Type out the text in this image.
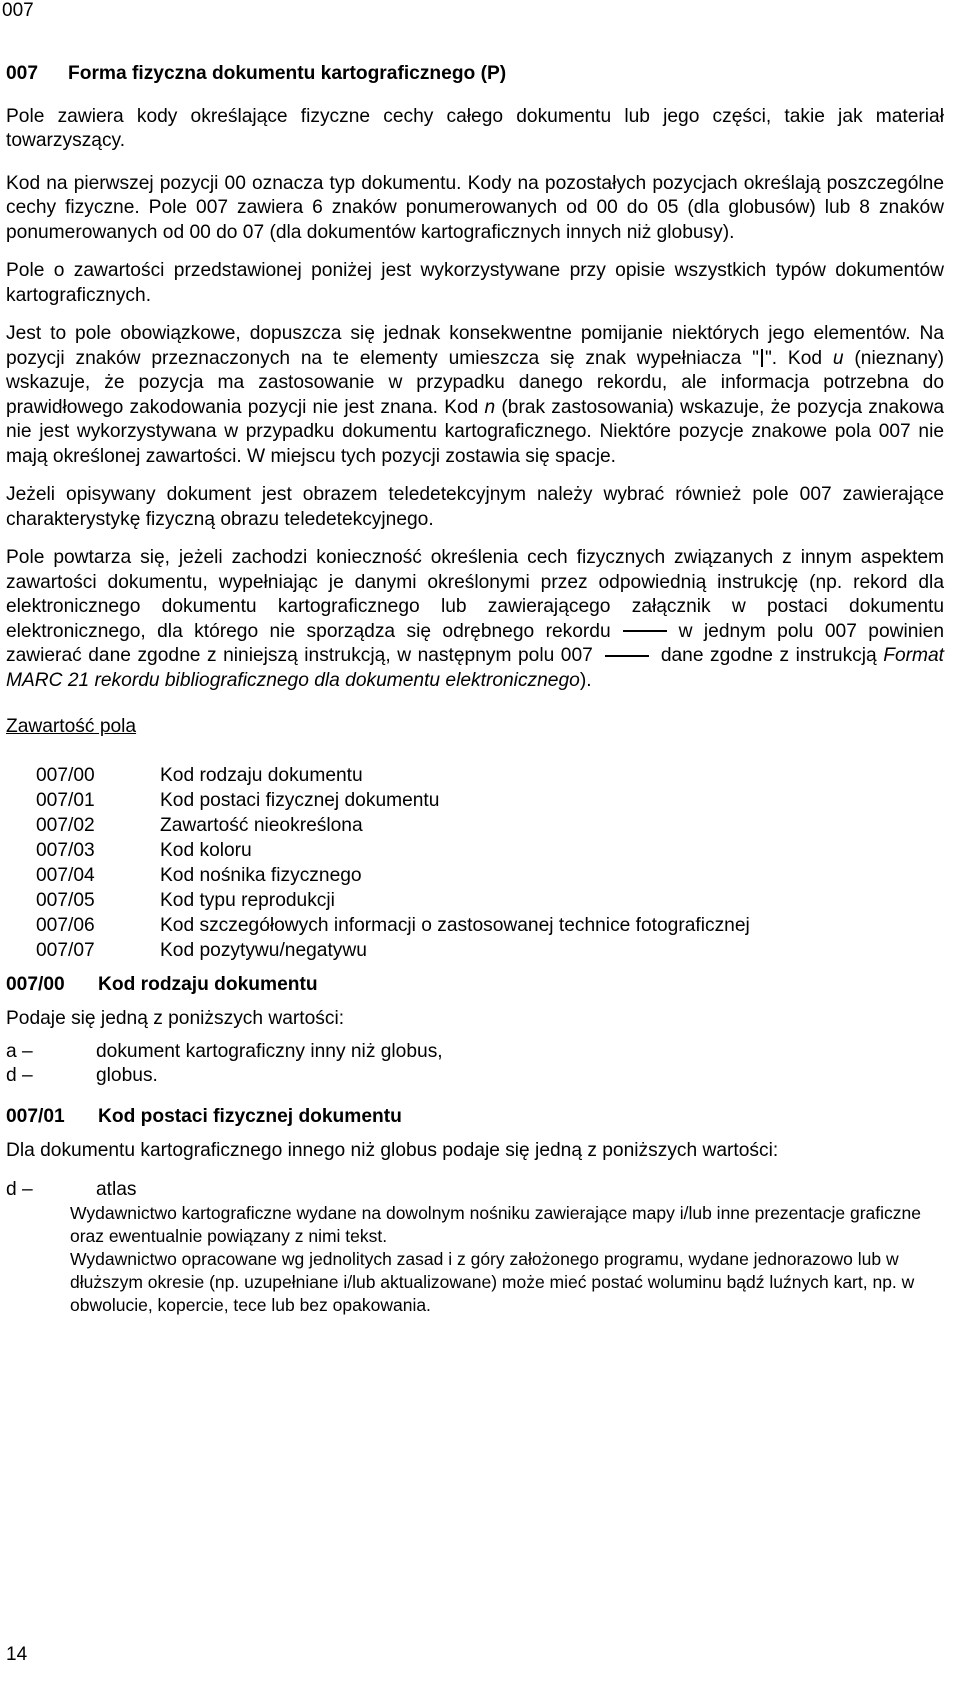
007
007 Forma fizyczna dokumentu kartograficznego (P)

Pole zawiera kody określające fizyczne cechy całego dokumentu lub jego części, takie jak materiał towarzyszący.

Kod na pierwszej pozycji 00 oznacza typ dokumentu. Kody na pozostałych pozycjach określają poszczególne cechy fizyczne. Pole 007 zawiera 6 znaków ponumerowanych od 00 do 05 (dla globusów) lub 8 znaków ponumerowanych od 00 do 07 (dla dokumentów kartograficznych innych niż globusy).

Pole o zawartości przedstawionej poniżej jest wykorzystywane przy opisie wszystkich typów dokumentów kartograficznych.

Jest to pole obowiązkowe, dopuszcza się jednak konsekwentne pomijanie niektórych jego elementów. Na pozycji znaków przeznaczonych na te elementy umieszcza się znak wypełniacza " ". Kod u (nieznany) wskazuje, że pozycja ma zastosowanie w przypadku danego rekordu, ale informacja potrzebna do prawidłowego zakodowania pozycji nie jest znana. Kod n (brak zastosowania) wskazuje, że pozycja znakowa nie jest wykorzystywana w przypadku dokumentu kartograficznego. Niektóre pozycje znakowe pola 007 nie mają określonej zawartości. W miejscu tych pozycji zostawia się spacje.

Jeżeli opisywany dokument jest obrazem teledetekcyjnym należy wybrać również pole 007 zawierające charakterystykę fizyczną obrazu teledetekcyjnego.

Pole powtarza się, jeżeli zachodzi konieczność określenia cech fizycznych związanych z innym aspektem zawartości dokumentu, wypełniając je danymi określonymi przez odpowiednią instrukcję (np. rekord dla elektronicznego dokumentu kartograficznego lub zawierającego załącznik w postaci dokumentu elektronicznego, dla którego nie sporządza się odrębnego rekordu	w jednym polu 007 powinien zawierać dane zgodne z niniejszą instrukcją, w następnym polu 007	dane zgodne z instrukcją Format MARC 21 rekordu bibliograficznego dla dokumentu elektronicznego).

Zawartość pola
007/00	Kod rodzaju dokumentu
007/01	Kod postaci fizycznej dokumentu
007/02	Zawartość nieokreślona
007/03	Kod koloru
007/04	Kod nośnika fizycznego
007/05	Kod typu reprodukcji
007/06	Kod szczegółowych informacji o zastosowanej technice fotograficznej
007/07	Kod pozytywu/negatywu
007/00	Kod rodzaju dokumentu
Podaje się jedną z poniższych wartości:
a –	dokument kartograficzny inny niż globus,
d –	globus.
007/01	Kod postaci fizycznej dokumentu

Dla dokumentu kartograficznego innego niż globus podaje się jedną z poniższych wartości:

d –	atlas
Wydawnictwo kartograficzne wydane na dowolnym nośniku zawierające mapy i/lub inne prezentacje graficzne oraz ewentualnie powiązany z nimi tekst.
Wydawnictwo opracowane wg jednolitych zasad i z góry założonego programu, wydane jednorazowo lub w dłuższym okresie (np. uzupełniane i/lub aktualizowane) może mieć postać woluminu bądź luźnych kart, np. w obwolucie, kopercie, tece lub bez opakowania.
14
